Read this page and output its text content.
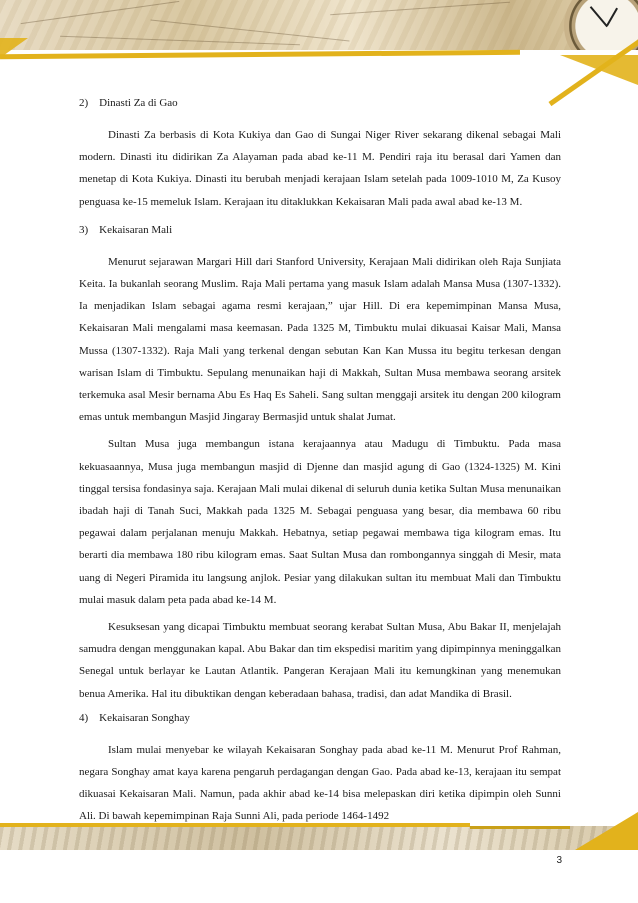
2) Dinasti Za di Gao

Dinasti Za berbasis di Kota Kukiya dan Gao di Sungai Niger River sekarang dikenal sebagai Mali modern. Dinasti itu didirikan Za Alayaman pada abad ke-11 M. Pendiri raja itu berasal dari Yamen dan menetap di Kota Kukiya. Dinasti itu berubah menjadi kerajaan Islam setelah pada 1009-1010 M, Za Kusoy penguasa ke-15 memeluk Islam. Kerajaan itu ditaklukkan Kekaisaran Mali pada awal abad ke-13 M.

3) Kekaisaran Mali

Menurut sejarawan Margari Hill dari Stanford University, Kerajaan Mali didirikan oleh Raja Sunjiata Keita. Ia bukanlah seorang Muslim. Raja Mali pertama yang masuk Islam adalah Mansa Musa (1307-1332). Ia menjadikan Islam sebagai agama resmi kerajaan,” ujar Hill. Di era kepemimpinan Mansa Musa, Kekaisaran Mali mengalami masa keemasan. Pada 1325 M, Timbuktu mulai dikuasai Kaisar Mali, Mansa Mussa (1307-1332). Raja Mali yang terkenal dengan sebutan Kan Kan Mussa itu begitu terkesan dengan warisan Islam di Timbuktu. Sepulang menunaikan haji di Makkah, Sultan Musa membawa seorang arsitek terkemuka asal Mesir bernama Abu Es Haq Es Saheli. Sang sultan menggaji arsitek itu dengan 200 kilogram emas untuk membangun Masjid Jingaray Bermasjid untuk shalat Jumat.

Sultan Musa juga membangun istana kerajaannya atau Madugu di Timbuktu. Pada masa kekuasaannya, Musa juga membangun masjid di Djenne dan masjid agung di Gao (1324-1325) M. Kini tinggal tersisa fondasinya saja. Kerajaan Mali mulai dikenal di seluruh dunia ketika Sultan Musa menunaikan ibadah haji di Tanah Suci, Makkah pada 1325 M. Sebagai penguasa yang besar, dia membawa 60 ribu pegawai dalam perjalanan menuju Makkah. Hebatnya, setiap pegawai membawa tiga kilogram emas. Itu berarti dia membawa 180 ribu kilogram emas. Saat Sultan Musa dan rombongannya singgah di Mesir, mata uang di Negeri Piramida itu langsung anjlok. Pesiar yang dilakukan sultan itu membuat Mali dan Timbuktu mulai masuk dalam peta pada abad ke-14 M.

Kesuksesan yang dicapai Timbuktu membuat seorang kerabat Sultan Musa, Abu Bakar II, menjelajah samudra dengan menggunakan kapal. Abu Bakar dan tim ekspedisi maritim yang dipimpinnya meninggalkan Senegal untuk berlayar ke Lautan Atlantik. Pangeran Kerajaan Mali itu kemungkinan yang menemukan benua Amerika. Hal itu dibuktikan dengan keberadaan bahasa, tradisi, dan adat Mandika di Brasil.

4) Kekaisaran Songhay

Islam mulai menyebar ke wilayah Kekaisaran Songhay pada abad ke-11 M. Menurut Prof Rahman, negara Songhay amat kaya karena pengaruh perdagangan dengan Gao. Pada abad ke-13, kerajaan itu sempat dikuasai Kekaisaran Mali. Namun, pada akhir abad ke-14 bisa melepaskan diri ketika dipimpin oleh Sunni Ali. Di bawah kepemimpinan Raja Sunni Ali, pada periode 1464-1492

3
